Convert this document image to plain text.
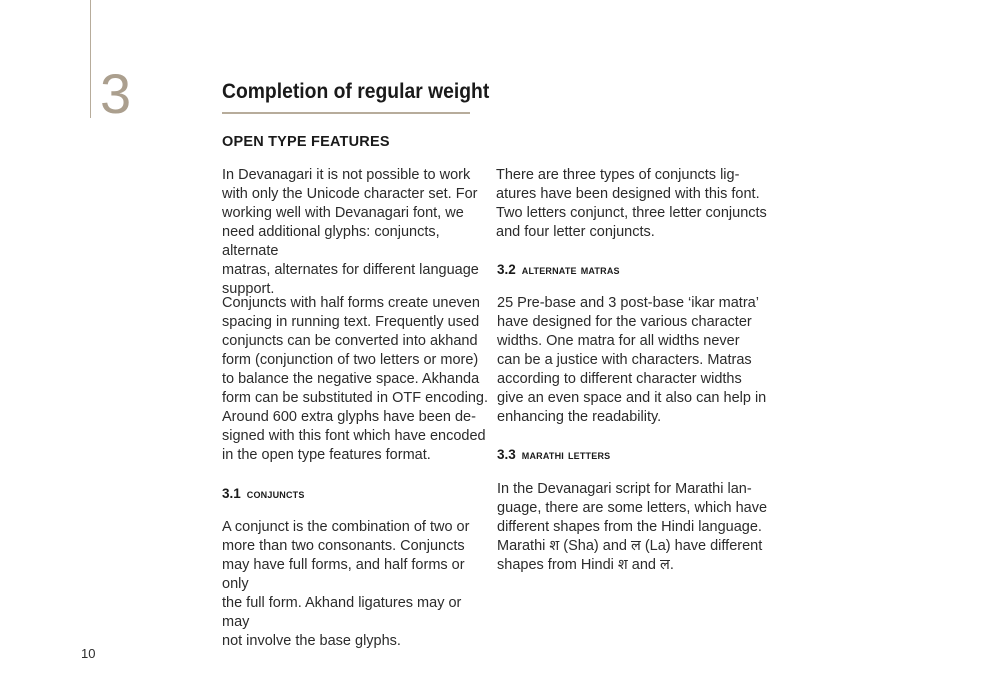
3	Completion of regular weight
OPEN TYPE FEATURES

In Devanagari it is not possible to work
with only the Unicode character set. For
working well with Devanagari font, we
need additional glyphs: conjuncts, alternate
matras, alternates for different language
support.

Conjuncts with half forms create uneven
spacing in running text. Frequently used
conjuncts can be converted into akhand
form (conjunction of two letters or more)
to balance the negative space. Akhanda
form can be substituted in OTF encoding.
Around 600 extra glyphs have been de-
signed with this font which have encoded
in the open type features format.

3.1 conjuncts

A conjunct is the combination of two or
more than two consonants. Conjuncts
may have full forms, and half forms or only
the full form. Akhand ligatures may or may
not involve the base glyphs.

There are three types of conjuncts lig-
atures have been designed with this font.
Two letters conjunct, three letter conjuncts
and four letter conjuncts.

3.2 alternate matras

25 Pre-base and 3 post-base ‘ikar matra’
have designed for the various character
widths. One matra for all widths never
can be a justice with characters. Matras
according to different character widths
give an even space and it also can help in
enhancing the readability.

3.3 marathi letters

In the Devanagari script for Marathi lan-
guage, there are some letters, which have
different shapes from the Hindi language.
Marathi श (Sha) and ल (La) have different
shapes from Hindi श and ल.

10
